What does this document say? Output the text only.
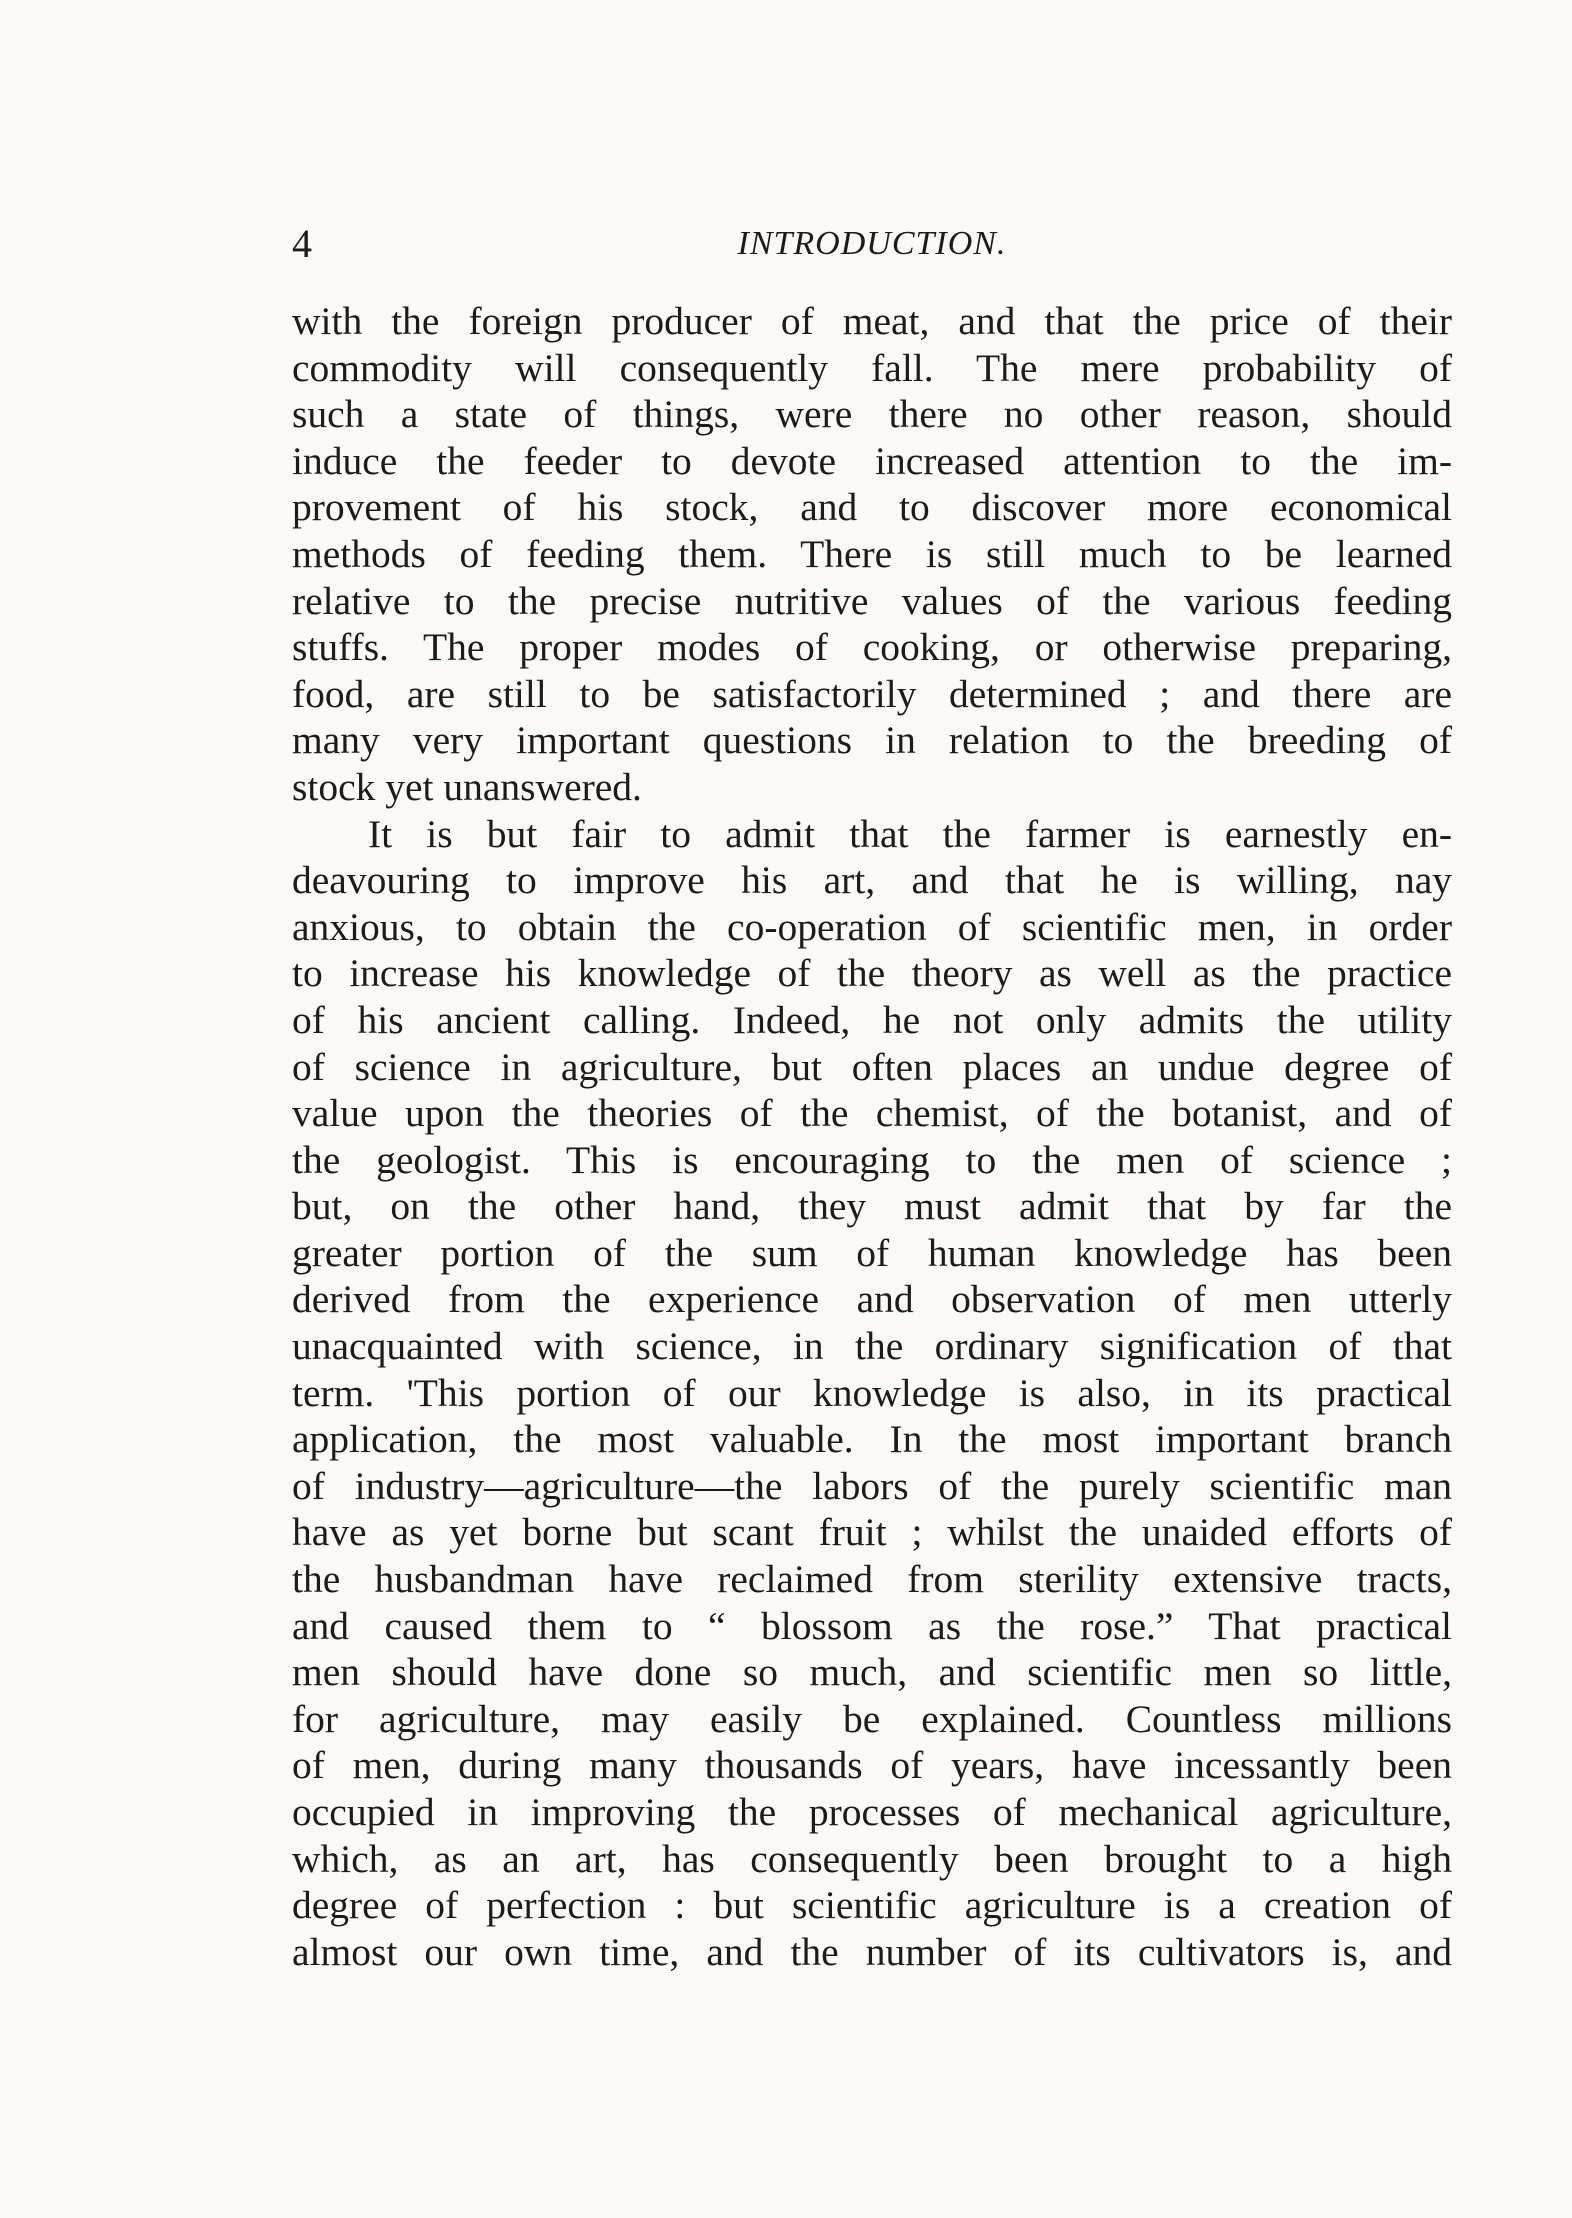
4	INTRODUCTION.
with the foreign producer of meat, and that the price of their
commodity will consequently fall. The mere probability of
such a state of things, were there no other reason, should
induce the feeder to devote increased attention to the im-
provement of his stock, and to discover more economical
methods of feeding them. There is still much to be learned
relative to the precise nutritive values of the various feeding
stuffs. The proper modes of cooking, or otherwise preparing,
food, are still to be satisfactorily determined ; and there are
many very important questions in relation to the breeding of
stock yet unanswered.
It is but fair to admit that the farmer is earnestly en-
deavouring to improve his art, and that he is willing, nay
anxious, to obtain the co-operation of scientific men, in order
to increase his knowledge of the theory as well as the practice
of his ancient calling. Indeed, he not only admits the utility
of science in agriculture, but often places an undue degree of
value upon the theories of the chemist, of the botanist, and of
the geologist. This is encouraging to the men of science ;
but, on the other hand, they must admit that by far the
greater portion of the sum of human knowledge has been
derived from the experience and observation of men utterly
unacquainted with science, in the ordinary signification of that
term. 'This portion of our knowledge is also, in its practical
application, the most valuable. In the most important branch
of industry—agriculture—the labors of the purely scientific man
have as yet borne but scant fruit ; whilst the unaided efforts of
the husbandman have reclaimed from sterility extensive tracts,
and caused them to “ blossom as the rose.” That practical
men should have done so much, and scientific men so little,
for agriculture, may easily be explained. Countless millions
of men, during many thousands of years, have incessantly been
occupied in improving the processes of mechanical agriculture,
which, as an art, has consequently been brought to a high
degree of perfection : but scientific agriculture is a creation of
almost our own time, and the number of its cultivators is, and
